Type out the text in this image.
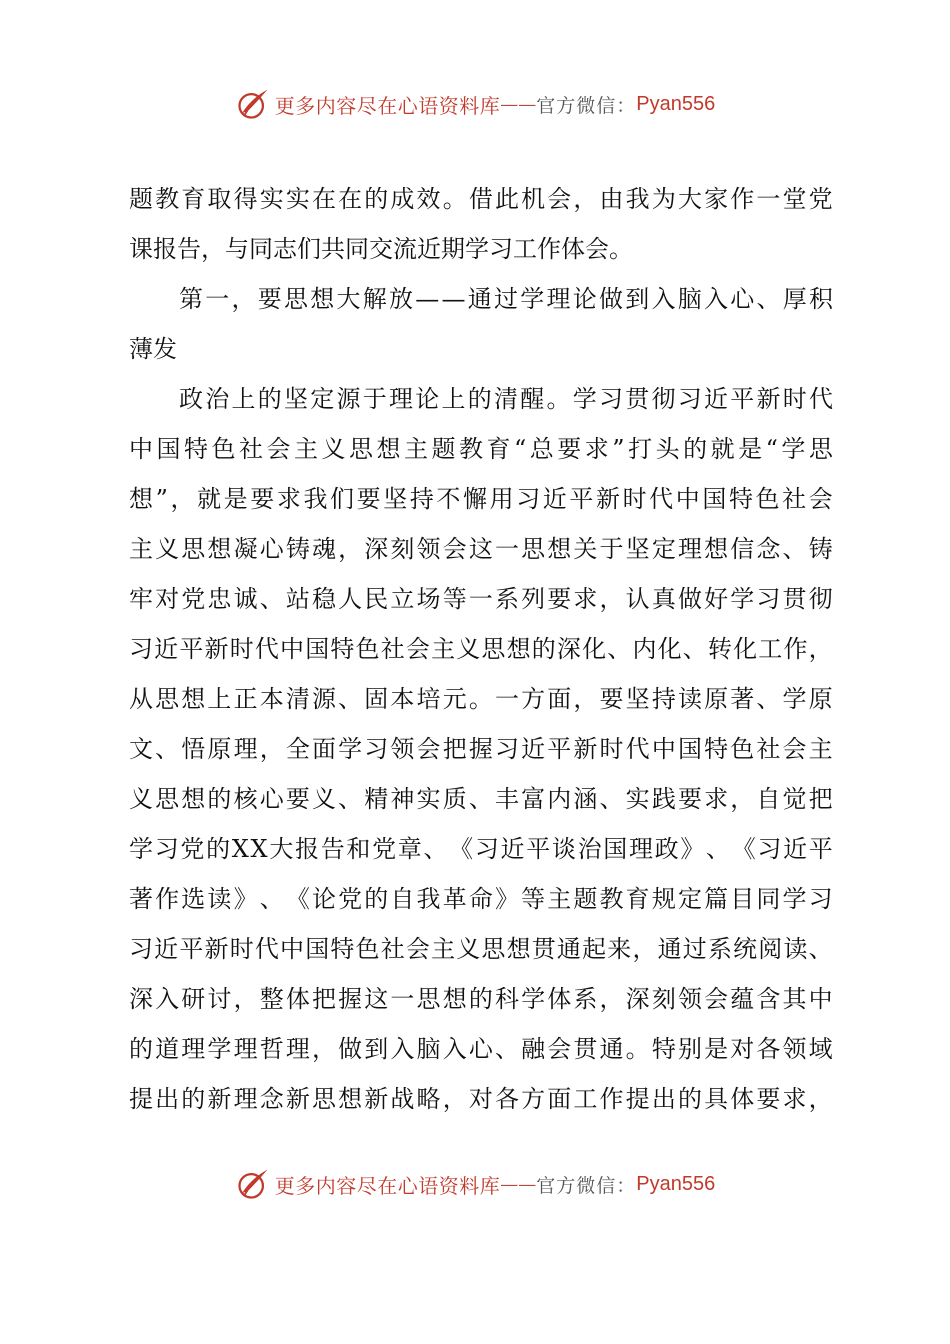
更多内容尽在心语资料库 —— 官方微信： Pyan556
题 教 育 取 得 实 实 在 在 的 成 效 。 借 此 机 会 ， 由 我 为 大 家 作 一 堂 党
课报告，与同志们共同交流近期学习工作体会。
第 一 ， 要 思 想 大 解 放 — — 通 过 学 理 论 做 到 入 脑 入 心 、 厚 积
薄发
政 治 上 的 坚 定 源 于 理 论 上 的 清 醒 。 学 习 贯 彻 习 近 平 新 时 代
中 国 特 色 社 会 主 义 思 想 主 题 教 育 “ 总 要 求 ” 打 头 的 就 是 “ 学 思
想 ” ， 就 是 要 求 我 们 要 坚 持 不 懈 用 习 近 平 新 时 代 中 国 特 色 社 会
主 义 思 想 凝 心 铸 魂 ， 深 刻 领 会 这 一 思 想 关 于 坚 定 理 想 信 念 、 铸
牢 对 党 忠 诚 、 站 稳 人 民 立 场 等 一 系 列 要 求 ， 认 真 做 好 学 习 贯 彻
习 近 平 新 时 代 中 国 特 色 社 会 主 义 思 想 的 深 化 、 内 化 、 转 化 工 作 ，
从 思 想 上 正 本 清 源 、 固 本 培 元 。 一 方 面 ， 要 坚 持 读 原 著 、 学 原
文 、 悟 原 理 ， 全 面 学 习 领 会 把 握 习 近 平 新 时 代 中 国 特 色 社 会 主
义 思 想 的 核 心 要 义 、 精 神 实 质 、 丰 富 内 涵 、 实 践 要 求 ， 自 觉 把
学 习 党 的 X X 大 报 告 和 党 章 、 《 习 近 平 谈 治 国 理 政 》 、 《 习 近 平
著 作 选 读 》 、 《 论 党 的 自 我 革 命 》 等 主 题 教 育 规 定 篇 目 同 学 习
习 近 平 新 时 代 中 国 特 色 社 会 主 义 思 想 贯 通 起 来 ， 通 过 系 统 阅 读 、
深 入 研 讨 ， 整 体 把 握 这 一 思 想 的 科 学 体 系 ， 深 刻 领 会 蕴 含 其 中
的 道 理 学 理 哲 理 ， 做 到 入 脑 入 心 、 融 会 贯 通 。 特 别 是 对 各 领 域
提 出 的 新 理 念 新 思 想 新 战 略 ， 对 各 方 面 工 作 提 出 的 具 体 要 求 ，
更多内容尽在心语资料库 —— 官方微信： Pyan556
